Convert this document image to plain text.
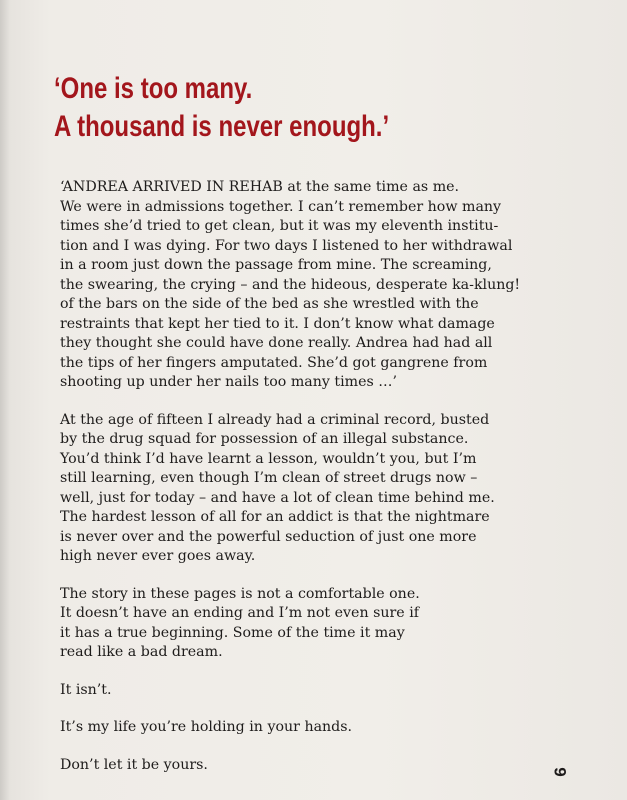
‘One is too many.
A thousand is never enough.’

‘ANDREA ARRIVED IN REHAB at the same time as me.
We were in admissions together. I can’t remember how many
times she’d tried to get clean, but it was my eleventh institu-
tion and I was dying. For two days I listened to her withdrawal
in a room just down the passage from mine. The screaming,
the swearing, the crying – and the hideous, desperate ka-klung!
of the bars on the side of the bed as she wrestled with the
restraints that kept her tied to it. I don’t know what damage
they thought she could have done really. Andrea had had all
the tips of her fingers amputated. She’d got gangrene from
shooting up under her nails too many times …’

At the age of fifteen I already had a criminal record, busted
by the drug squad for possession of an illegal substance.
You’d think I’d have learnt a lesson, wouldn’t you, but I’m
still learning, even though I’m clean of street drugs now –
well, just for today – and have a lot of clean time behind me.
The hardest lesson of all for an addict is that the nightmare
is never over and the powerful seduction of just one more
high never ever goes away.

The story in these pages is not a comfortable one.
It doesn’t have an ending and I’m not even sure if
it has a true beginning. Some of the time it may
read like a bad dream.

It isn’t.

It’s my life you’re holding in your hands.

Don’t let it be yours.	9
